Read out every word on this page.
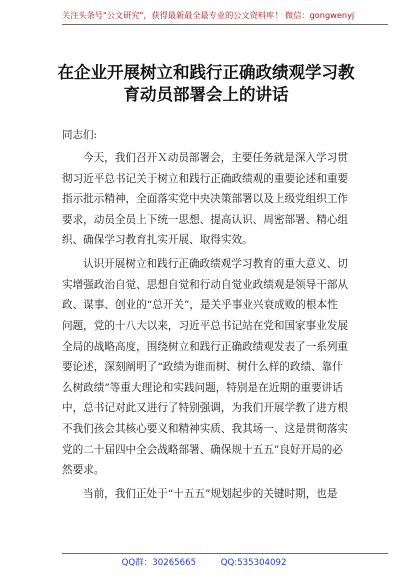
关注头条号"公文研究"，获得最新最全最专业的公文资料库！ 微信：gongwenyj
在企业开展树立和践行正确政绩观学习教
育动员部署会上的讲话
同志们:
今天，我们召开Ｘ动员部署会，主要任务就是深入学习贯
彻习近平总书记关于树立和践行正确政绩观的重要论述和重要
指示批示精神，全面落实党中央决策部署以及上级党组织工作
要求，动员全员上下统一思想、提高认识、周密部署、精心组
织、确保学习教育扎实开展、取得实效。
认识开展树立和践行正确政绩观学习教育的重大意义、切
实增强政治自觉、思想自觉和行动自觉业政绩观是领导干部从
政、谋事、创业的“总开关”，是关乎事业兴衰成败的根本性
问题，党的十八大以来，习近平总书记站在党和国家事业发展
全局的战略高度，围绕树立和践行正确政绩观发表了一系列重
要论述，深刻阐明了“政绩为谁而树、树什么样的政绩、靠什
么树政绩”等重大理论和实践问题，特别是在近期的重要讲话
中，总书记对此又进行了特别强调，为我们开展学教了进方根
不我们孩会其核心要义和精神实质、我其场一、这是贯彻落实
党的二十届四中全会战略部署、确保规十五五”良好开局的必
然要求。
当前，我们正处于“十五五”规划起步的关键时期，也是
QQ群：30265665	QQ:535304092
